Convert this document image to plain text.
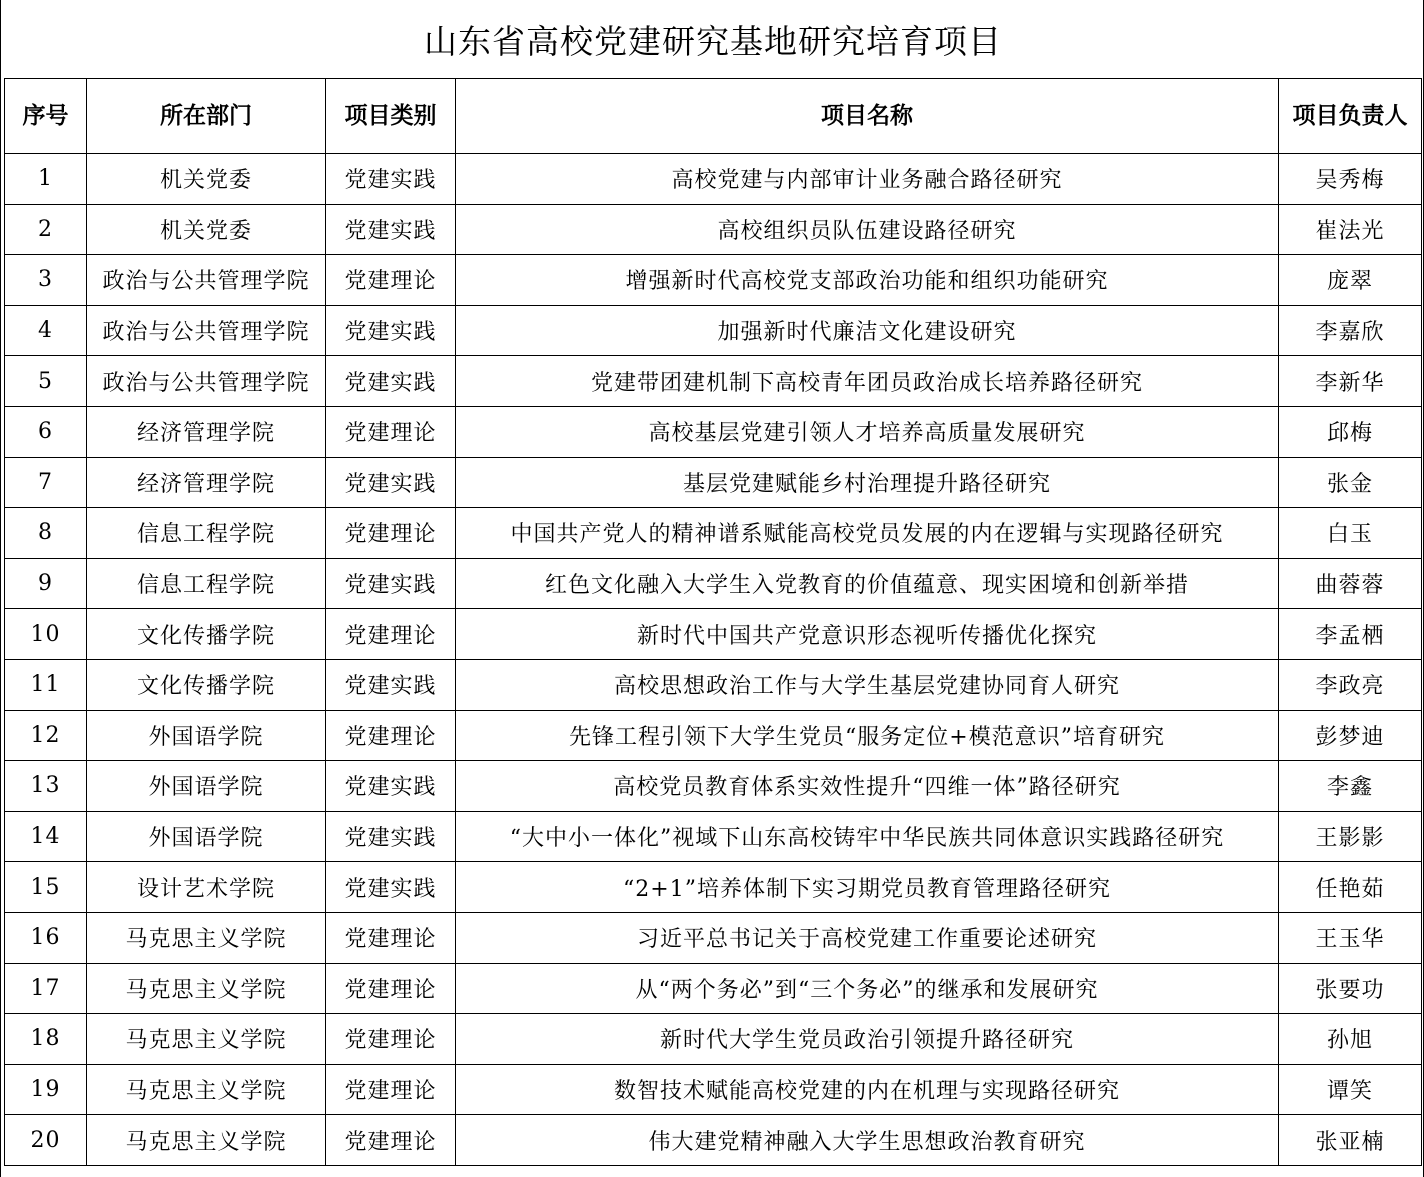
山东省高校党建研究基地研究培育项目
序号	所在部门	项目类别	项目名称	项目负责人
1	机关党委	党建实践	高校党建与内部审计业务融合路径研究	吴秀梅
2	机关党委	党建实践	高校组织员队伍建设路径研究	崔法光
3	政治与公共管理学院	党建理论	增强新时代高校党支部政治功能和组织功能研究	庞翠
4	政治与公共管理学院	党建实践	加强新时代廉洁文化建设研究	李嘉欣
5	政治与公共管理学院	党建实践	党建带团建机制下高校青年团员政治成长培养路径研究	李新华
6	经济管理学院	党建理论	高校基层党建引领人才培养高质量发展研究	邱梅
7	经济管理学院	党建实践	基层党建赋能乡村治理提升路径研究	张金
8	信息工程学院	党建理论	中国共产党人的精神谱系赋能高校党员发展的内在逻辑与实现路径研究	白玉
9	信息工程学院	党建实践	红色文化融入大学生入党教育的价值蕴意、现实困境和创新举措	曲蓉蓉
10	文化传播学院	党建理论	新时代中国共产党意识形态视听传播优化探究	李孟栖
11	文化传播学院	党建实践	高校思想政治工作与大学生基层党建协同育人研究	李政亮
12	外国语学院	党建理论	先锋工程引领下大学生党员“服务定位+模范意识”培育研究	彭梦迪
13	外国语学院	党建实践	高校党员教育体系实效性提升“四维一体”路径研究	李鑫
14	外国语学院	党建实践	“大中小一体化”视域下山东高校铸牢中华民族共同体意识实践路径研究	王影影
15	设计艺术学院	党建实践	“2+1”培养体制下实习期党员教育管理路径研究	任艳茹
16	马克思主义学院	党建理论	习近平总书记关于高校党建工作重要论述研究	王玉华
17	马克思主义学院	党建理论	从“两个务必”到“三个务必”的继承和发展研究	张要功
18	马克思主义学院	党建理论	新时代大学生党员政治引领提升路径研究	孙旭
19	马克思主义学院	党建理论	数智技术赋能高校党建的内在机理与实现路径研究	谭笑
20	马克思主义学院	党建理论	伟大建党精神融入大学生思想政治教育研究	张亚楠
